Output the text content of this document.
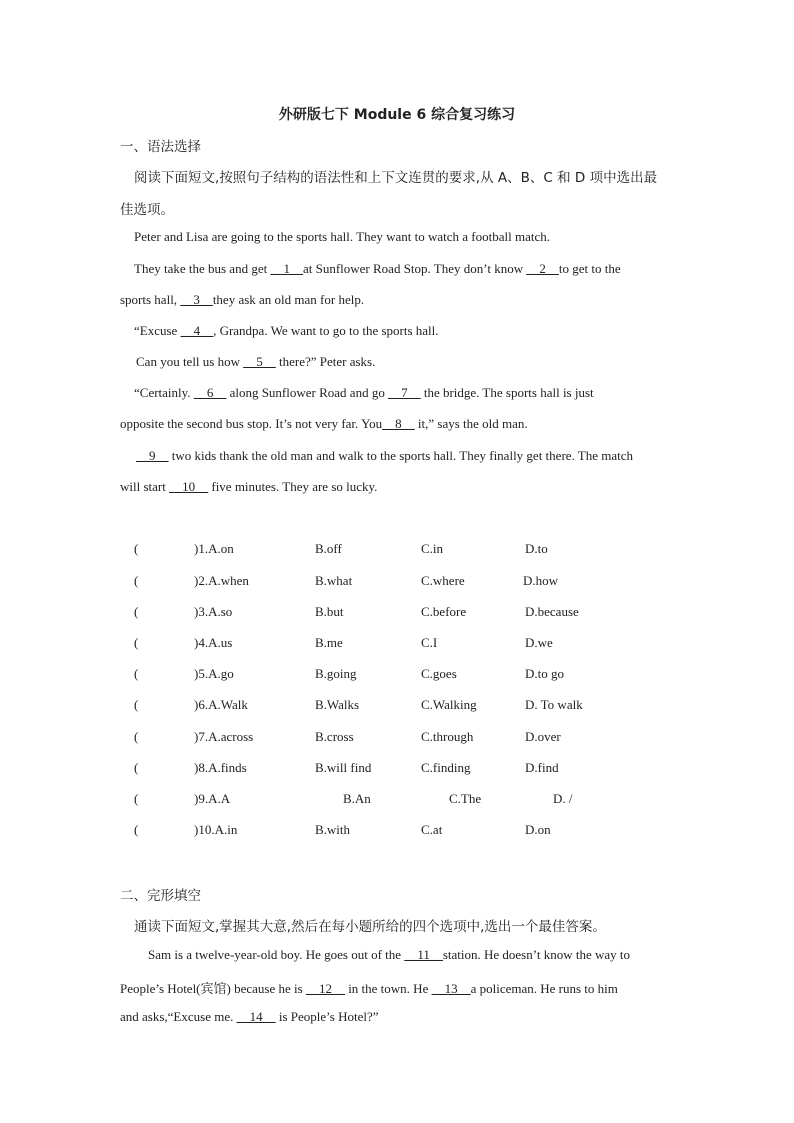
外研版七下 Module 6 综合复习练习
一、语法选择
阅读下面短文,按照句子结构的语法性和上下文连贯的要求,从 A、B、C 和 D 项中选出最
佳选项。
Peter and Lisa are going to the sports hall. They want to watch a football match.
They take the bus and get __1__at Sunflower Road Stop. They don’t know __2__to get to the
sports hall, __3__they ask an old man for help.
“Excuse __4__, Grandpa. We want to go to the sports hall.
Can you tell us how __5__ there?” Peter asks.
“Certainly. __6__ along Sunflower Road and go __7__ the bridge. The sports hall is just
opposite the second bus stop. It’s not very far. You__8__ it,” says the old man.
__9__ two kids thank the old man and walk to the sports hall. They finally get there. The match
will start __10__ five minutes. They are so lucky.
(	)1.A.on	B.off	C.in	D.to
(	)2.A.when	B.what	C.where	D.how
(	)3.A.so	B.but	C.before	D.because
(	)4.A.us	B.me	C.I	D.we
(	)5.A.go	B.going	C.goes	D.to go
(	)6.A.Walk	B.Walks	C.Walking	D. To walk
(	)7.A.across	B.cross	C.through	D.over
(	)8.A.finds	B.will find	C.finding	D.find
(	)9.A.A	B.An	C.The	D. /
(	)10.A.in	B.with	C.at	D.on
二、完形填空
通读下面短文,掌握其大意,然后在每小题所给的四个选项中,选出一个最佳答案。
Sam is a twelve-year-old boy. He goes out of the __11__station. He doesn’t know the way to
People’s Hotel(宾馆) because he is __12__ in the town. He __13__a policeman. He runs to him
and asks,“Excuse me. __14__ is People’s Hotel?”
